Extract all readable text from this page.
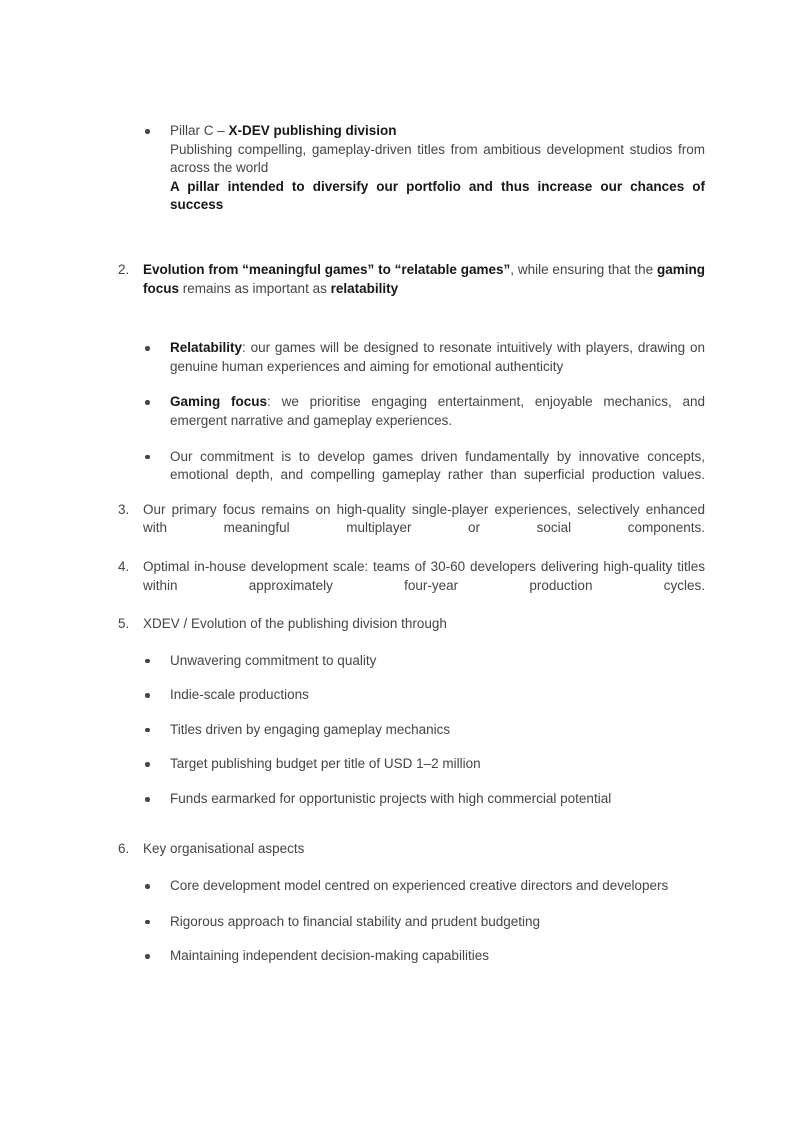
Pillar C – X-DEV publishing division

Publishing compelling, gameplay-driven titles from ambitious development studios from across the world

A pillar intended to diversify our portfolio and thus increase our chances of success

2.	Evolution from “meaningful games” to “relatable games”, while ensuring that the gaming focus remains as important as relatability

Relatability: our games will be designed to resonate intuitively with players, drawing on genuine human experiences and aiming for emotional authenticity

Gaming focus: we prioritise engaging entertainment, enjoyable mechanics, and emergent narrative and gameplay experiences.

Our commitment is to develop games driven fundamentally by innovative concepts, emotional depth, and compelling gameplay rather than superficial production values.

3.	Our primary focus remains on high-quality single-player experiences, selectively enhanced with meaningful multiplayer or social components.

4.	Optimal in-house development scale: teams of 30-60 developers delivering high-quality titles within approximately four-year production cycles.

5.	XDEV / Evolution of the publishing division through

Unwavering commitment to quality

Indie-scale productions

Titles driven by engaging gameplay mechanics

Target publishing budget per title of USD 1–2 million

Funds earmarked for opportunistic projects with high commercial potential

6.	Key organisational aspects

Core development model centred on experienced creative directors and developers

Rigorous approach to financial stability and prudent budgeting

Maintaining independent decision-making capabilities
